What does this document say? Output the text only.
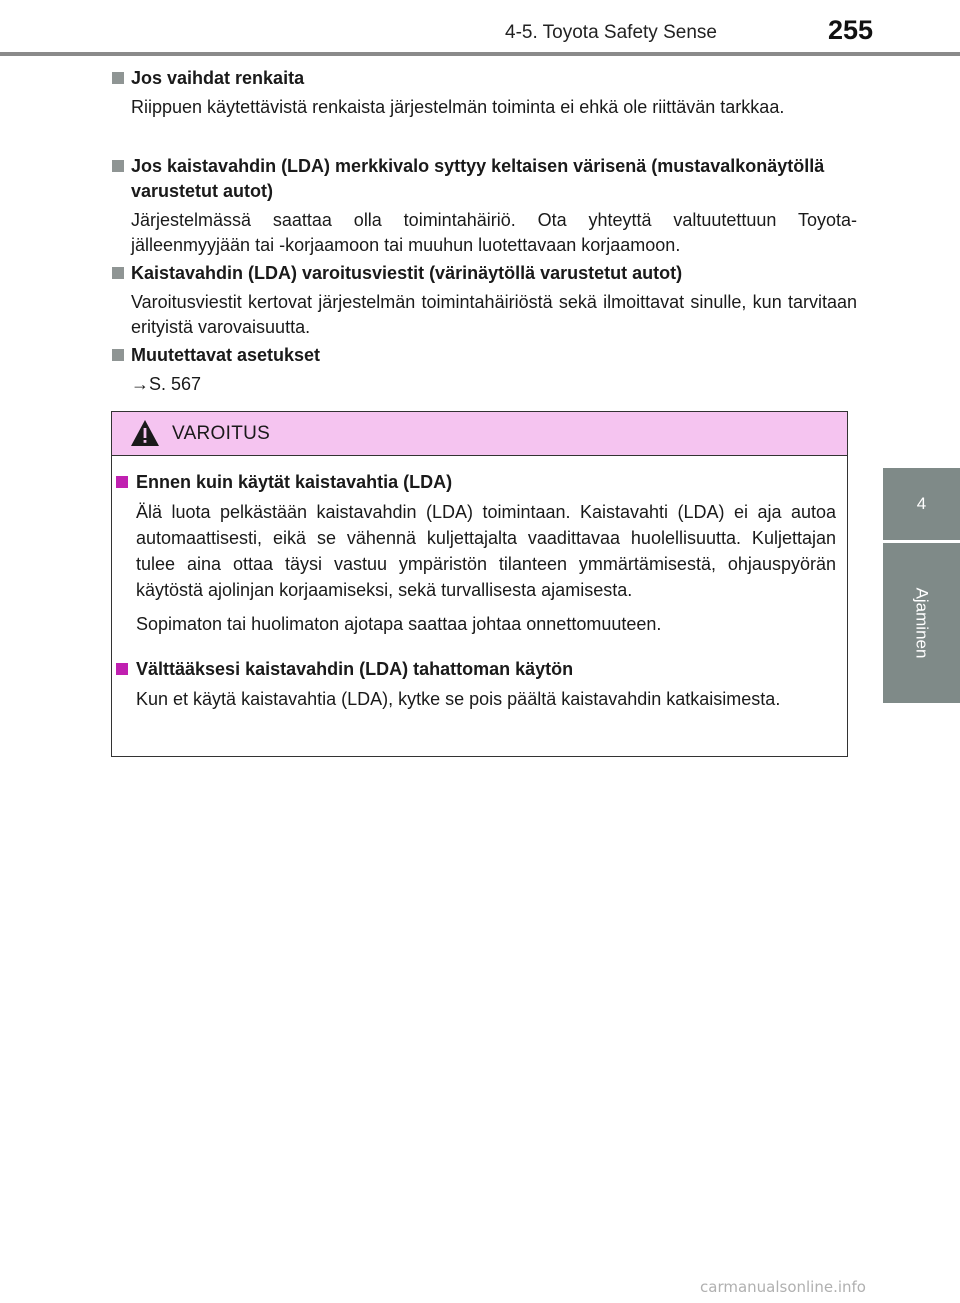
4-5. Toyota Safety Sense	255
4
Ajaminen
Jos vaihdat renkaita
Riippuen käytettävistä renkaista järjestelmän toiminta ei ehkä ole riittävän tarkkaa.
Jos kaistavahdin (LDA) merkkivalo syttyy keltaisen värisenä (mustavalkonäytöllä varustetut autot)
Järjestelmässä saattaa olla toimintahäiriö. Ota yhteyttä valtuutettuun Toyota-jälleenmyyjään tai -korjaamoon tai muuhun luotettavaan korjaamoon.
Kaistavahdin (LDA) varoitusviestit (värinäytöllä varustetut autot)
Varoitusviestit kertovat järjestelmän toimintahäiriöstä sekä ilmoittavat sinulle, kun tarvitaan erityistä varovaisuutta.
Muutettavat asetukset
→S. 567
VAROITUS
Ennen kuin käytät kaistavahtia (LDA)

Älä luota pelkästään kaistavahdin (LDA) toimintaan. Kaistavahti (LDA) ei aja autoa automaattisesti, eikä se vähennä kuljettajalta vaadittavaa huolellisuutta. Kuljettajan tulee aina ottaa täysi vastuu ympäristön tilanteen ymmärtämisestä, ohjauspyörän käytöstä ajolinjan korjaamiseksi, sekä turvallisesta ajamisesta.

Sopimaton tai huolimaton ajotapa saattaa johtaa onnettomuuteen.

Välttääksesi kaistavahdin (LDA) tahattoman käytön

Kun et käytä kaistavahtia (LDA), kytke se pois päältä kaistavahdin katkaisimesta.

carmanualsonline.info
